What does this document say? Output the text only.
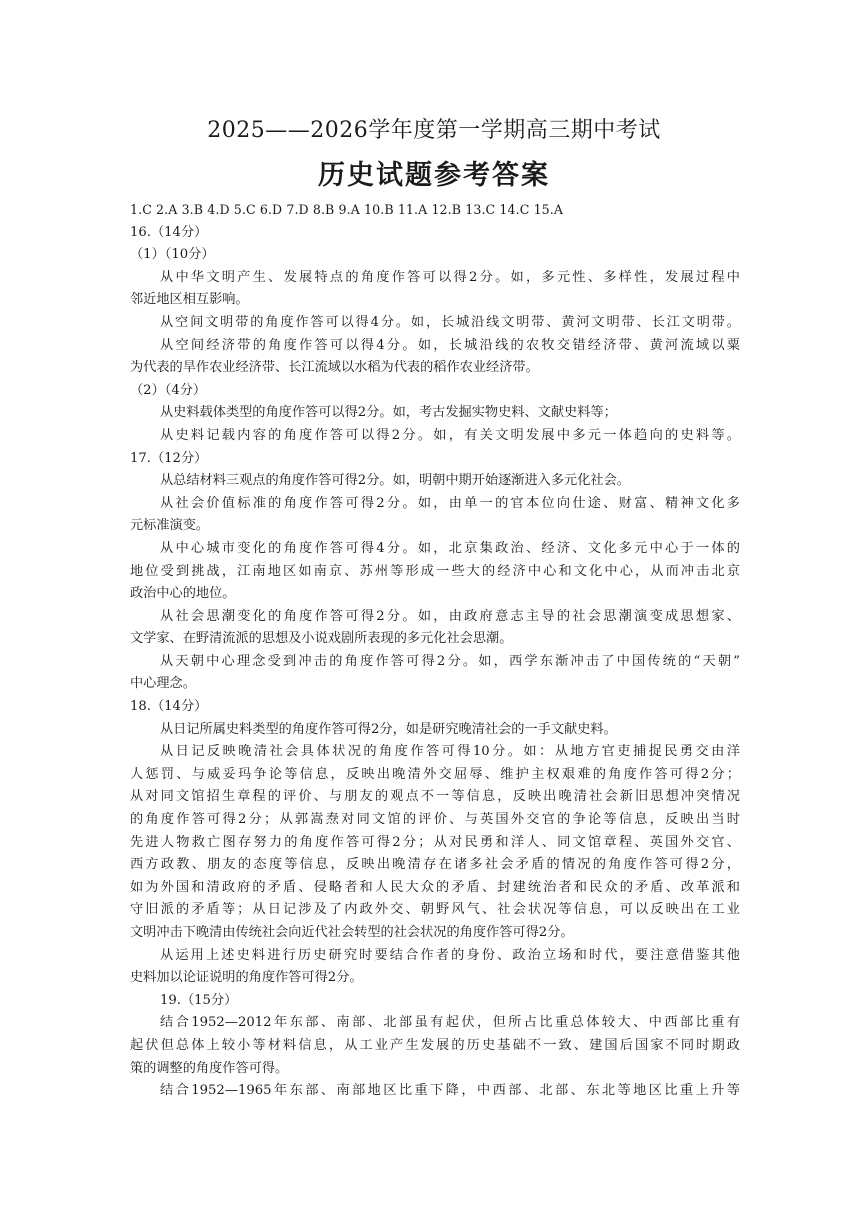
2025——2026学年度第一学期高三期中考试
历史试题参考答案
1.C 2.A 3.B 4.D 5.C 6.D 7.D 8.B 9.A 10.B 11.A 12.B 13.C 14.C 15.A
16.（14分）
（1）（10分）
从中华文明产生、发展特点的角度作答可以得2分。如，多元性、多样性，发展过程中
邻近地区相互影响。
从空间文明带的角度作答可以得4分。如，长城沿线文明带、黄河文明带、长江文明带。
从空间经济带的角度作答可以得4分。如，长城沿线的农牧交错经济带、黄河流域以粟
为代表的旱作农业经济带、长江流域以水稻为代表的稻作农业经济带。
（2）（4分）
从史料载体类型的角度作答可以得2分。如，考古发掘实物史料、文献史料等；
从史料记载内容的角度作答可以得2分。如，有关文明发展中多元一体趋向的史料等。
17.（12分）
从总结材料三观点的角度作答可得2分。如，明朝中期开始逐渐进入多元化社会。
从社会价值标准的角度作答可得2分。如，由单一的官本位向仕途、财富、精神文化多
元标准演变。
从中心城市变化的角度作答可得4分。如，北京集政治、经济、文化多元中心于一体的
地位受到挑战，江南地区如南京、苏州等形成一些大的经济中心和文化中心，从而冲击北京
政治中心的地位。
从社会思潮变化的角度作答可得2分。如，由政府意志主导的社会思潮演变成思想家、
文学家、在野清流派的思想及小说戏剧所表现的多元化社会思潮。
从天朝中心理念受到冲击的角度作答可得2分。如，西学东渐冲击了中国传统的“天朝”
中心理念。
18.（14分）
从日记所属史料类型的角度作答可得2分，如是研究晚清社会的一手文献史料。
从日记反映晚清社会具体状况的角度作答可得10分。如：从地方官吏捕捉民勇交由洋
人惩罚、与威妥玛争论等信息，反映出晚清外交屈辱、维护主权艰难的角度作答可得2分；
从对同文馆招生章程的评价、与朋友的观点不一等信息，反映出晚清社会新旧思想冲突情况
的角度作答可得2分；从郭嵩焘对同文馆的评价、与英国外交官的争论等信息，反映出当时
先进人物救亡图存努力的角度作答可得2分；从对民勇和洋人、同文馆章程、英国外交官、
西方政教、朋友的态度等信息，反映出晚清存在诸多社会矛盾的情况的角度作答可得2分，
如为外国和清政府的矛盾、侵略者和人民大众的矛盾、封建统治者和民众的矛盾、改革派和
守旧派的矛盾等；从日记涉及了内政外交、朝野风气、社会状况等信息，可以反映出在工业
文明冲击下晚清由传统社会向近代社会转型的社会状况的角度作答可得2分。
从运用上述史料进行历史研究时要结合作者的身份、政治立场和时代，要注意借鉴其他
史料加以论证说明的角度作答可得2分。
19.（15分）
结合1952—2012年东部、南部、北部虽有起伏，但所占比重总体较大、中西部比重有
起伏但总体上较小等材料信息，从工业产生发展的历史基础不一致、建国后国家不同时期政
策的调整的角度作答可得。
结合1952—1965年东部、南部地区比重下降，中西部、北部、东北等地区比重上升等
